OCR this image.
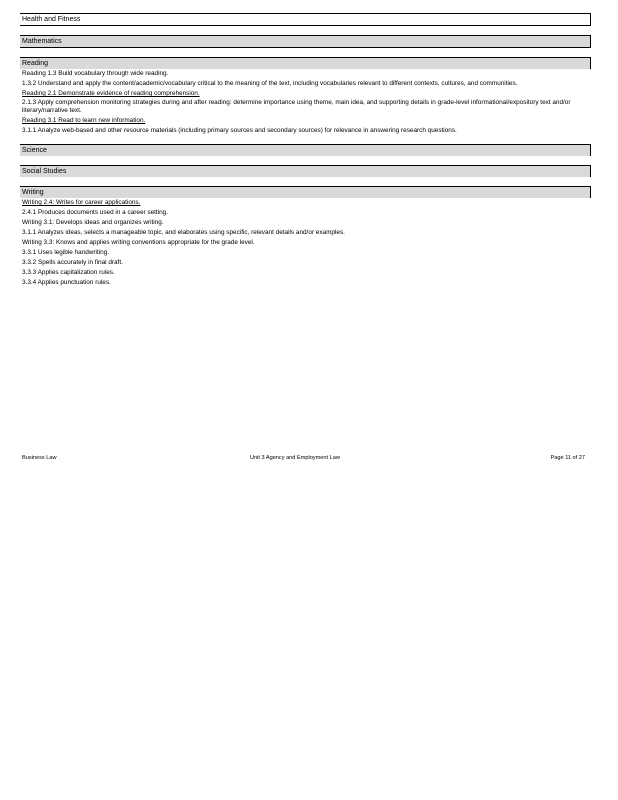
Health and Fitness
Mathematics
Reading
Reading 1.3 Build vocabulary through wide reading.
1.3.2 Understand and apply the content/academic/vocabulary critical to the meaning of the text, including vocabularies relevant to different contexts, cultures, and communities.
Reading 2.1 Demonstrate evidence of reading comprehension.
2.1.3 Apply comprehension monitoring strategies during and after reading: determine importance using theme, main idea, and supporting details in grade-level informational/expository text and/or literary/narrative text.
Reading 3.1 Read to learn new information.
3.1.1 Analyze web-based and other resource materials (including primary sources and secondary sources) for relevance in answering research questions.
Science
Social Studies
Writing
Writing 2.4: Writes for career applications.
2.4.1 Produces documents used in a career setting.
Writing 3.1: Develops ideas and organizes writing.
3.1.1 Analyzes ideas, selects a manageable topic, and elaborates using specific, relevant details and/or examples.
Writing 3.3: Knows and applies writing conventions appropriate for the grade level.
3.3.1 Uses legible handwriting.
3.3.2 Spells accurately in final draft.
3.3.3 Applies capitalization rules.
3.3.4 Applies punctuation rules.
Business Law	Unit 3 Agency and Employment Law	Page 11 of 27
